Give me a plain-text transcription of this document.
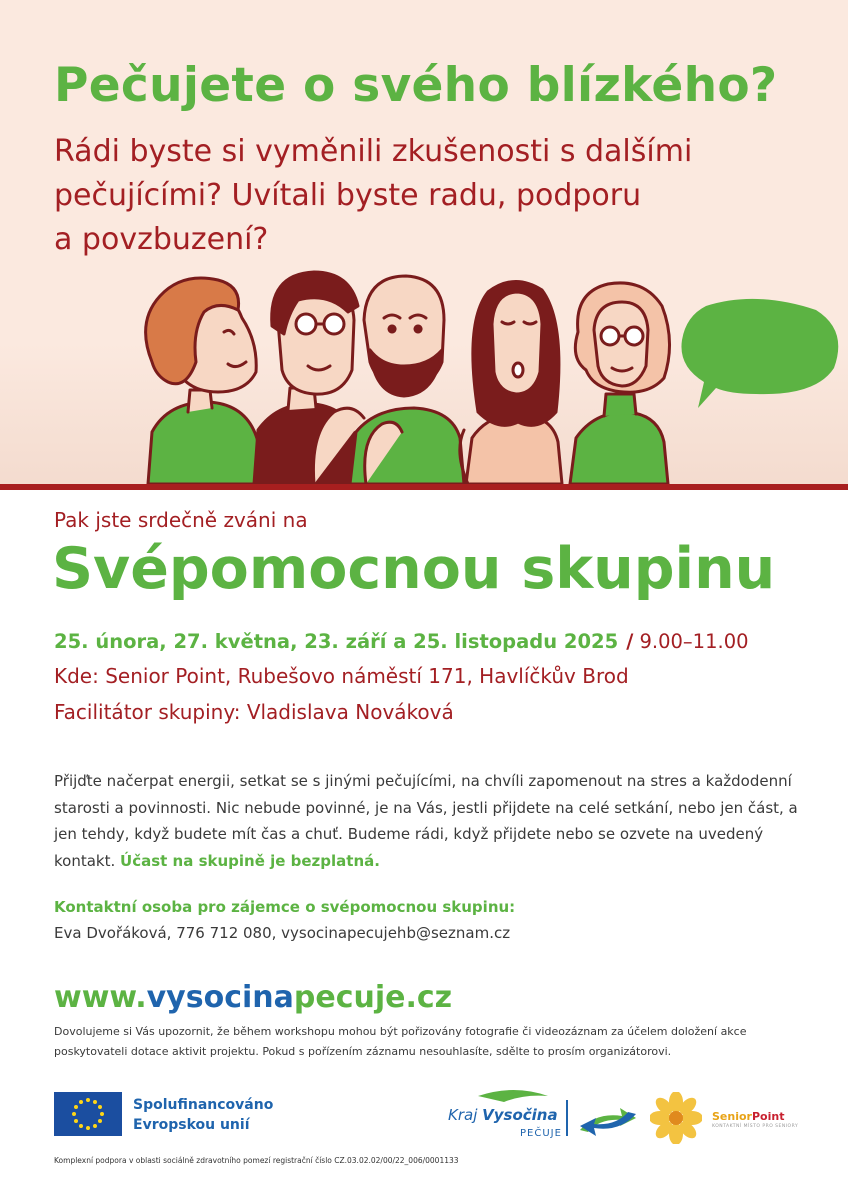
Pečujete o svého blízkého?
Rádi byste si vyměnili zkušenosti s dalšími
pečujícími? Uvítali byste radu, podporu
a povzbuzení?
Pak jste srdečně zváni na
Svépomocnou skupinu
25. února, 27. května, 23. září a 25. listopadu 2025 / 9.00–11.00
Kde: Senior Point, Rubešovo náměstí 171, Havlíčkův Brod
Facilitátor skupiny: Vladislava Nováková
Přijďte načerpat energii, setkat se s jinými pečujícími, na chvíli zapomenout na stres a každodenní starosti a povinnosti. Nic nebude povinné, je na Vás, jestli přijdete na celé setkání, nebo jen část, a jen tehdy, když budete mít čas a chuť. Budeme rádi, když přijdete nebo se ozvete na uvedený kontakt. Účast na skupině je bezplatná.
Kontaktní osoba pro zájemce o svépomocnou skupinu:
Eva Dvořáková, 776 712 080, vysocinapecujehb@seznam.cz
www.vysocinapecuje.cz
Dovolujeme si Vás upozornit, že během workshopu mohou být pořizovány fotografie či videozáznam za účelem doložení akce poskytovateli dotace aktivit projektu. Pokud s pořízením záznamu nesouhlasíte, sdělte to prosím organizátorovi.
Spolufinancováno
Evropskou unií
Kraj Vysočina
PEČUJE
SeniorPoint
KONTAKTNÍ MÍSTO PRO SENIORY
Komplexní podpora v oblasti sociálně zdravotního pomezí registrační číslo CZ.03.02.02/00/22_006/0001133
